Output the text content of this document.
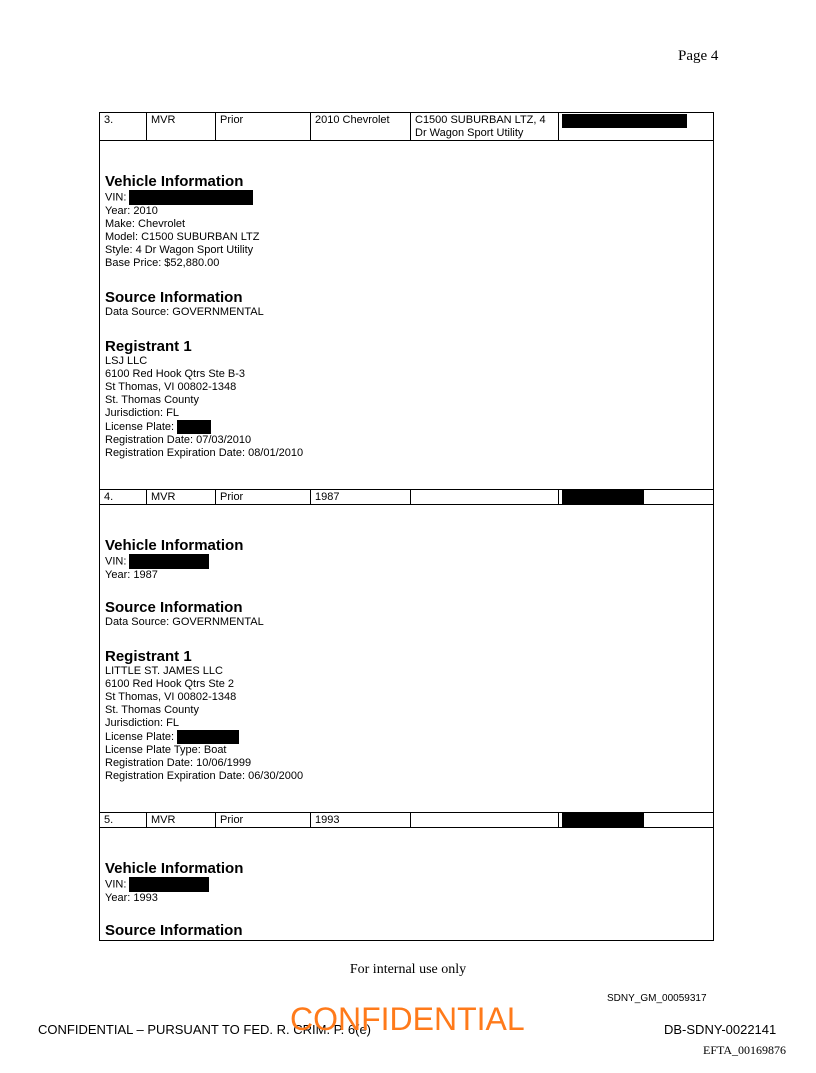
Page 4
3.	MVR	Prior	2010 Chevrolet	C1500 SUBURBAN LTZ, 4 Dr Wagon Sport Utility
Vehicle Information
VIN:
Year: 2010
Make: Chevrolet
Model: C1500 SUBURBAN LTZ
Style: 4 Dr Wagon Sport Utility
Base Price: $52,880.00
Source Information
Data Source: GOVERNMENTAL
Registrant 1
LSJ LLC
6100 Red Hook Qtrs Ste B-3
St Thomas, VI 00802-1348
St. Thomas County
Jurisdiction: FL
License Plate:
Registration Date: 07/03/2010
Registration Expiration Date: 08/01/2010
4.	MVR	Prior	1987
Vehicle Information
VIN:
Year: 1987
Source Information
Data Source: GOVERNMENTAL
Registrant 1
LITTLE ST. JAMES LLC
6100 Red Hook Qtrs Ste 2
St Thomas, VI 00802-1348
St. Thomas County
Jurisdiction: FL
License Plate:
License Plate Type: Boat
Registration Date: 10/06/1999
Registration Expiration Date: 06/30/2000
5.	MVR	Prior	1993
Vehicle Information
VIN:
Year: 1993
Source Information
For internal use only
SDNY_GM_00059317
CONFIDENTIAL – PURSUANT TO FED. R. CRIM. P. 6(e)
CONFIDENTIAL	DB-SDNY-0022141
EFTA_00169876
